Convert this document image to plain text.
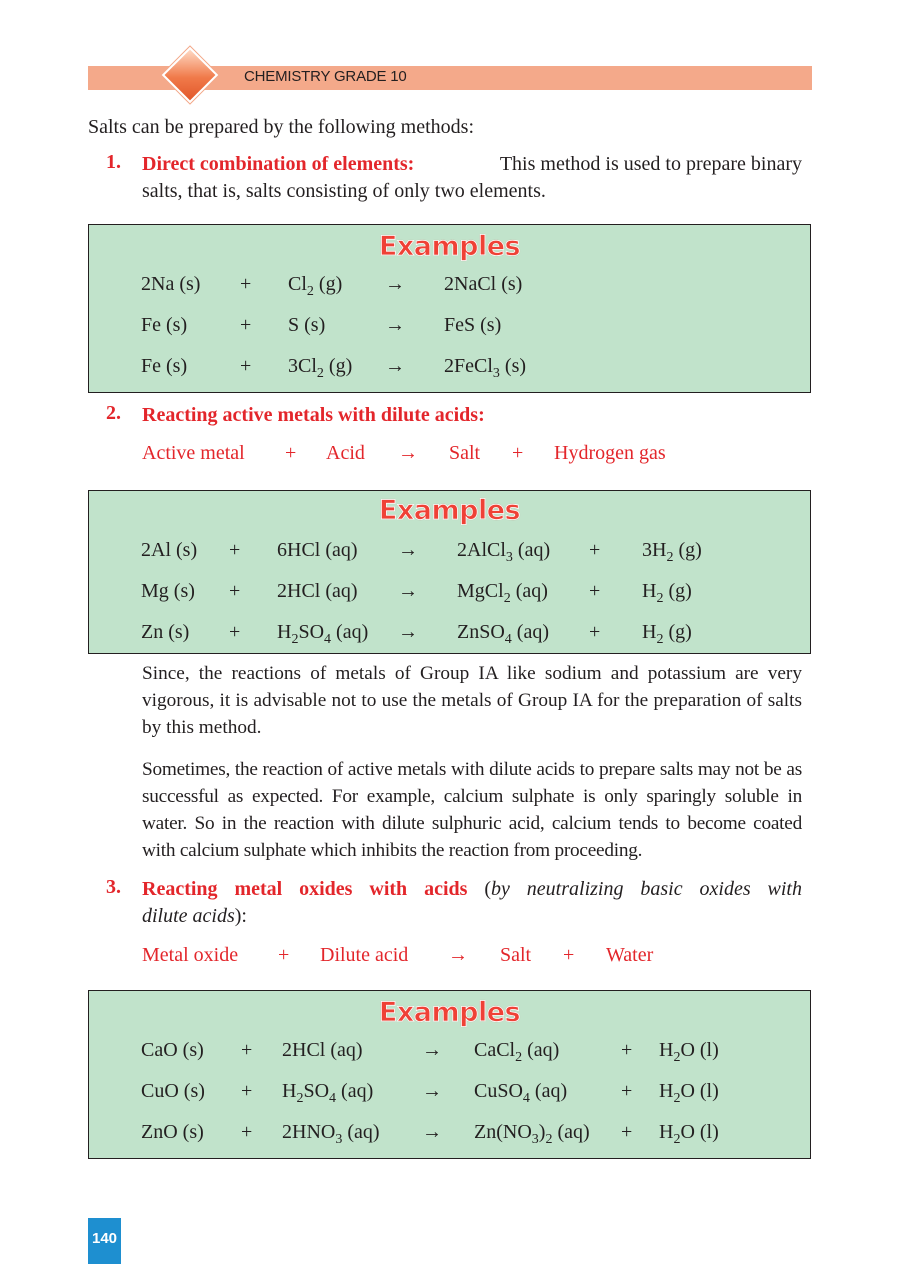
CHEMISTRY GRADE 10
Salts can be prepared by the following methods:
1. Direct combination of elements:	This method is used to prepare binary
salts, that is, salts consisting of only two elements.
Examples
2Na $(s) + Cl_2$ (g) → 2NaCl (s)
Fe (s)	+ S (s)	→ FeS (s)
Fe (s)	+ $3Cl_2$ (g) → 2FeCl$_3$ (s)
2. Reacting active metals with dilute acids:
Active metal + Acid → Salt + Hydrogen gas
Examples
2Al (s) + 6HCl (aq) → 2AlCl$_3$ $(aq) + 3H_2$ (g)
Mg (s) + 2HCl (aq) → MgCl$_2$ $(aq) + H_2$ (g)
Zn $(s) + H_2SO_4$ (aq) → ZnSO$_4$ $(aq) + H_2$ (g)
Since, the reactions of metals of Group IA like sodium and potassium are very vigorous, it is advisable not to use the metals of Group IA for the preparation of salts by this method.
Sometimes, the reaction of active metals with dilute acids to prepare salts may not be as successful as expected. For example, calcium sulphate is only sparingly soluble in water. So in the reaction with dilute sulphuric acid, calcium tends to become coated with calcium sulphate which inhibits the reaction from proceeding.
3. Reacting metal oxides with acids (by neutralizing basic oxides with
dilute acids):
Metal oxide + Dilute acid → Salt + Water
Examples
CaO (s) + 2HCl (aq)	→ CaCl$_2$ (aq)	+ $H_2O$ (l)
CuO $(s) + H_2SO_4$ (aq) → CuSO$_4$ (aq)	+ $H_2O$ (l)
ZnO $(s) + 2HNO_3$ $(aq) \to Zn(NO_3)_2$ $(aq) + H_2O$ (l)
140
